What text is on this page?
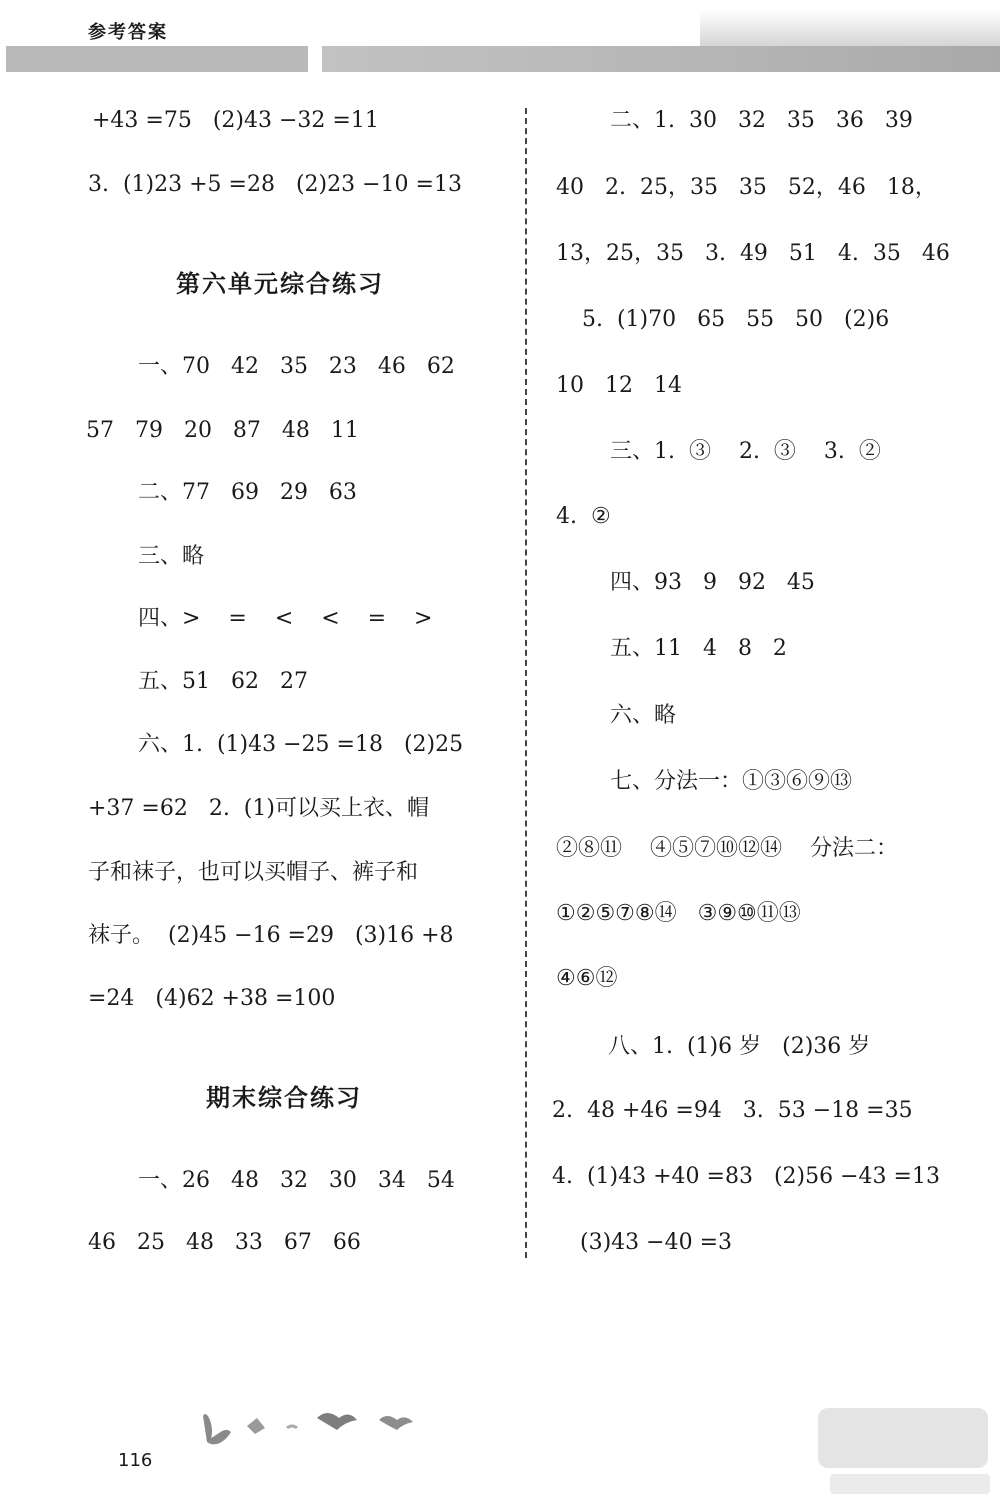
参考答案
+43 =75   (2)43 −32 =11
3.  (1)23 +5 =28   (2)23 −10 =13
第六单元综合练习
一、70   42   35   23   46   62
57   79   20   87   48   11
二、77   69   29   63
三、略
四、>    =    <    <    =    >
五、51   62   27
六、1.  (1)43 −25 =18   (2)25
+37 =62   2.  (1)可以买上衣、帽
子和袜子，也可以买帽子、裤子和
袜子。  (2)45 −16 =29   (3)16 +8
=24   (4)62 +38 =100
期末综合练习
一、26   48   32   30   34   54
46   25   48   33   67   66
二、1.  30   32   35   36   39
40   2.  25，35   35   52，46   18，
13，25，35   3.  49   51   4.  35   46
5.  (1)70   65   55   50   (2)6
10   12   14
三、1.  ③    2.  ③    3.  ②
4.  ②
四、93   9   92   45
五、11   4   8   2
六、略
七、分法一：①③⑥⑨⑬
②⑧⑪    ④⑤⑦⑩⑫⑭    分法二：
①②⑤⑦⑧⑭   ③⑨⑩⑪⑬
④⑥⑫
八、1.  (1)6 岁   (2)36 岁
2.  48 +46 =94   3.  53 −18 =35
4.  (1)43 +40 =83   (2)56 −43 =13
(3)43 −40 =3
116
